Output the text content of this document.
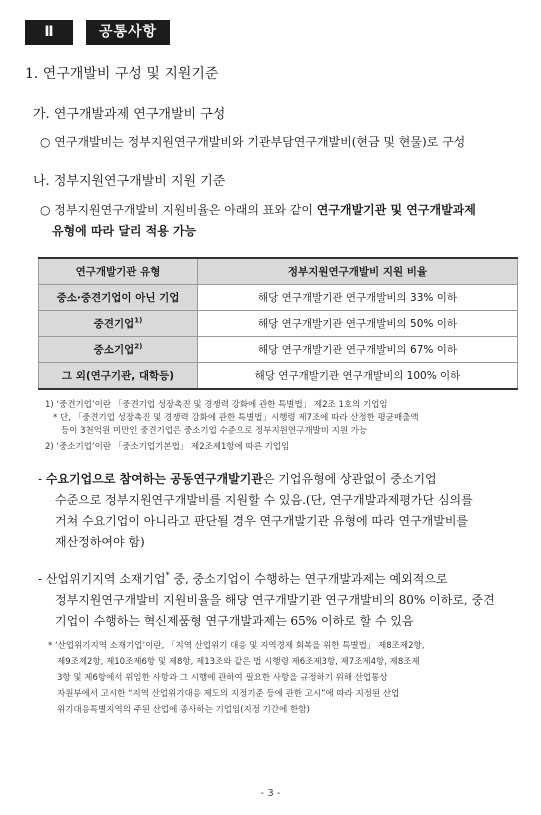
Ⅱ	공통사항
1. 연구개발비 구성 및 지원기준
가. 연구개발과제 연구개발비 구성
○ 연구개발비는 정부지원연구개발비와 기관부담연구개발비(현금 및 현물)로 구성
나. 정부지원연구개발비 지원 기준
○ 정부지원연구개발비 지원비율은 아래의 표와 같이 연구개발기관 및 연구개발과제
유형에 따라 달리 적용 가능
연구개발기관 유형	정부지원연구개발비 지원 비율
중소·중견기업이 아닌 기업	해당 연구개발기관 연구개발비의 33% 이하
중견기업$^{1)}$	해당 연구개발기관 연구개발비의 50% 이하
중소기업$^{2)}$	해당 연구개발기관 연구개발비의 67% 이하
그 외(연구기관, 대학등)	해당 연구개발기관 연구개발비의 100% 이하
1) ‘중견기업’이란 「중견기업 성장촉진 및 경쟁력 강화에 관한 특별법」 제2조 1호의 기업임
* 단, 「중견기업 성장촉진 및 경쟁력 강화에 관한 특별법」시행령 제7조에 따라 산정한 평균매출액
등이 3천억원 미만인 중견기업은 중소기업 수준으로 정부지원연구개발비 지원 가능
2) ‘중소기업’이란 「중소기업기본법」 제2조제1항에 따른 기업임
- 수요기업으로 참여하는 공동연구개발기관은 기업유형에 상관없이 중소기업
수준으로 정부지원연구개발비를 지원할 수 있음.(단, 연구개발과제평가단 심의를
거쳐 수요기업이 아니라고 판단될 경우 연구개발기관 유형에 따라 연구개발비를
재산정하여야 함)
- 산업위기지역 소재기업* 중, 중소기업이 수행하는 연구개발과제는 예외적으로
정부지원연구개발비 지원비율을 해당 연구개발기관 연구개발비의 80% 이하로, 중견
기업이 수행하는 혁신제품형 연구개발과제는 65% 이하로 할 수 있음
* ‘산업위기지역 소재기업’이란, 「지역 산업위기 대응 및 지역경제 회복을 위한 특별법」 제8조제2항,
제9조제2항, 제10조제6항 및 제8항, 제13조와 같은 법 시행령 제6조제3항, 제7조제4항, 제8조제
3항 및 제6항에서 위임한 사항과 그 시행에 관하여 필요한 사항을 규정하기 위해 산업통상
자원부에서 고시한 “지역 산업위기대응 제도의 지정기준 등에 관한 고시”에 따라 지정된 산업
위기대응특별지역의 주된 산업에 종사하는 기업임(지정 기간에 한함)
- 3 -
